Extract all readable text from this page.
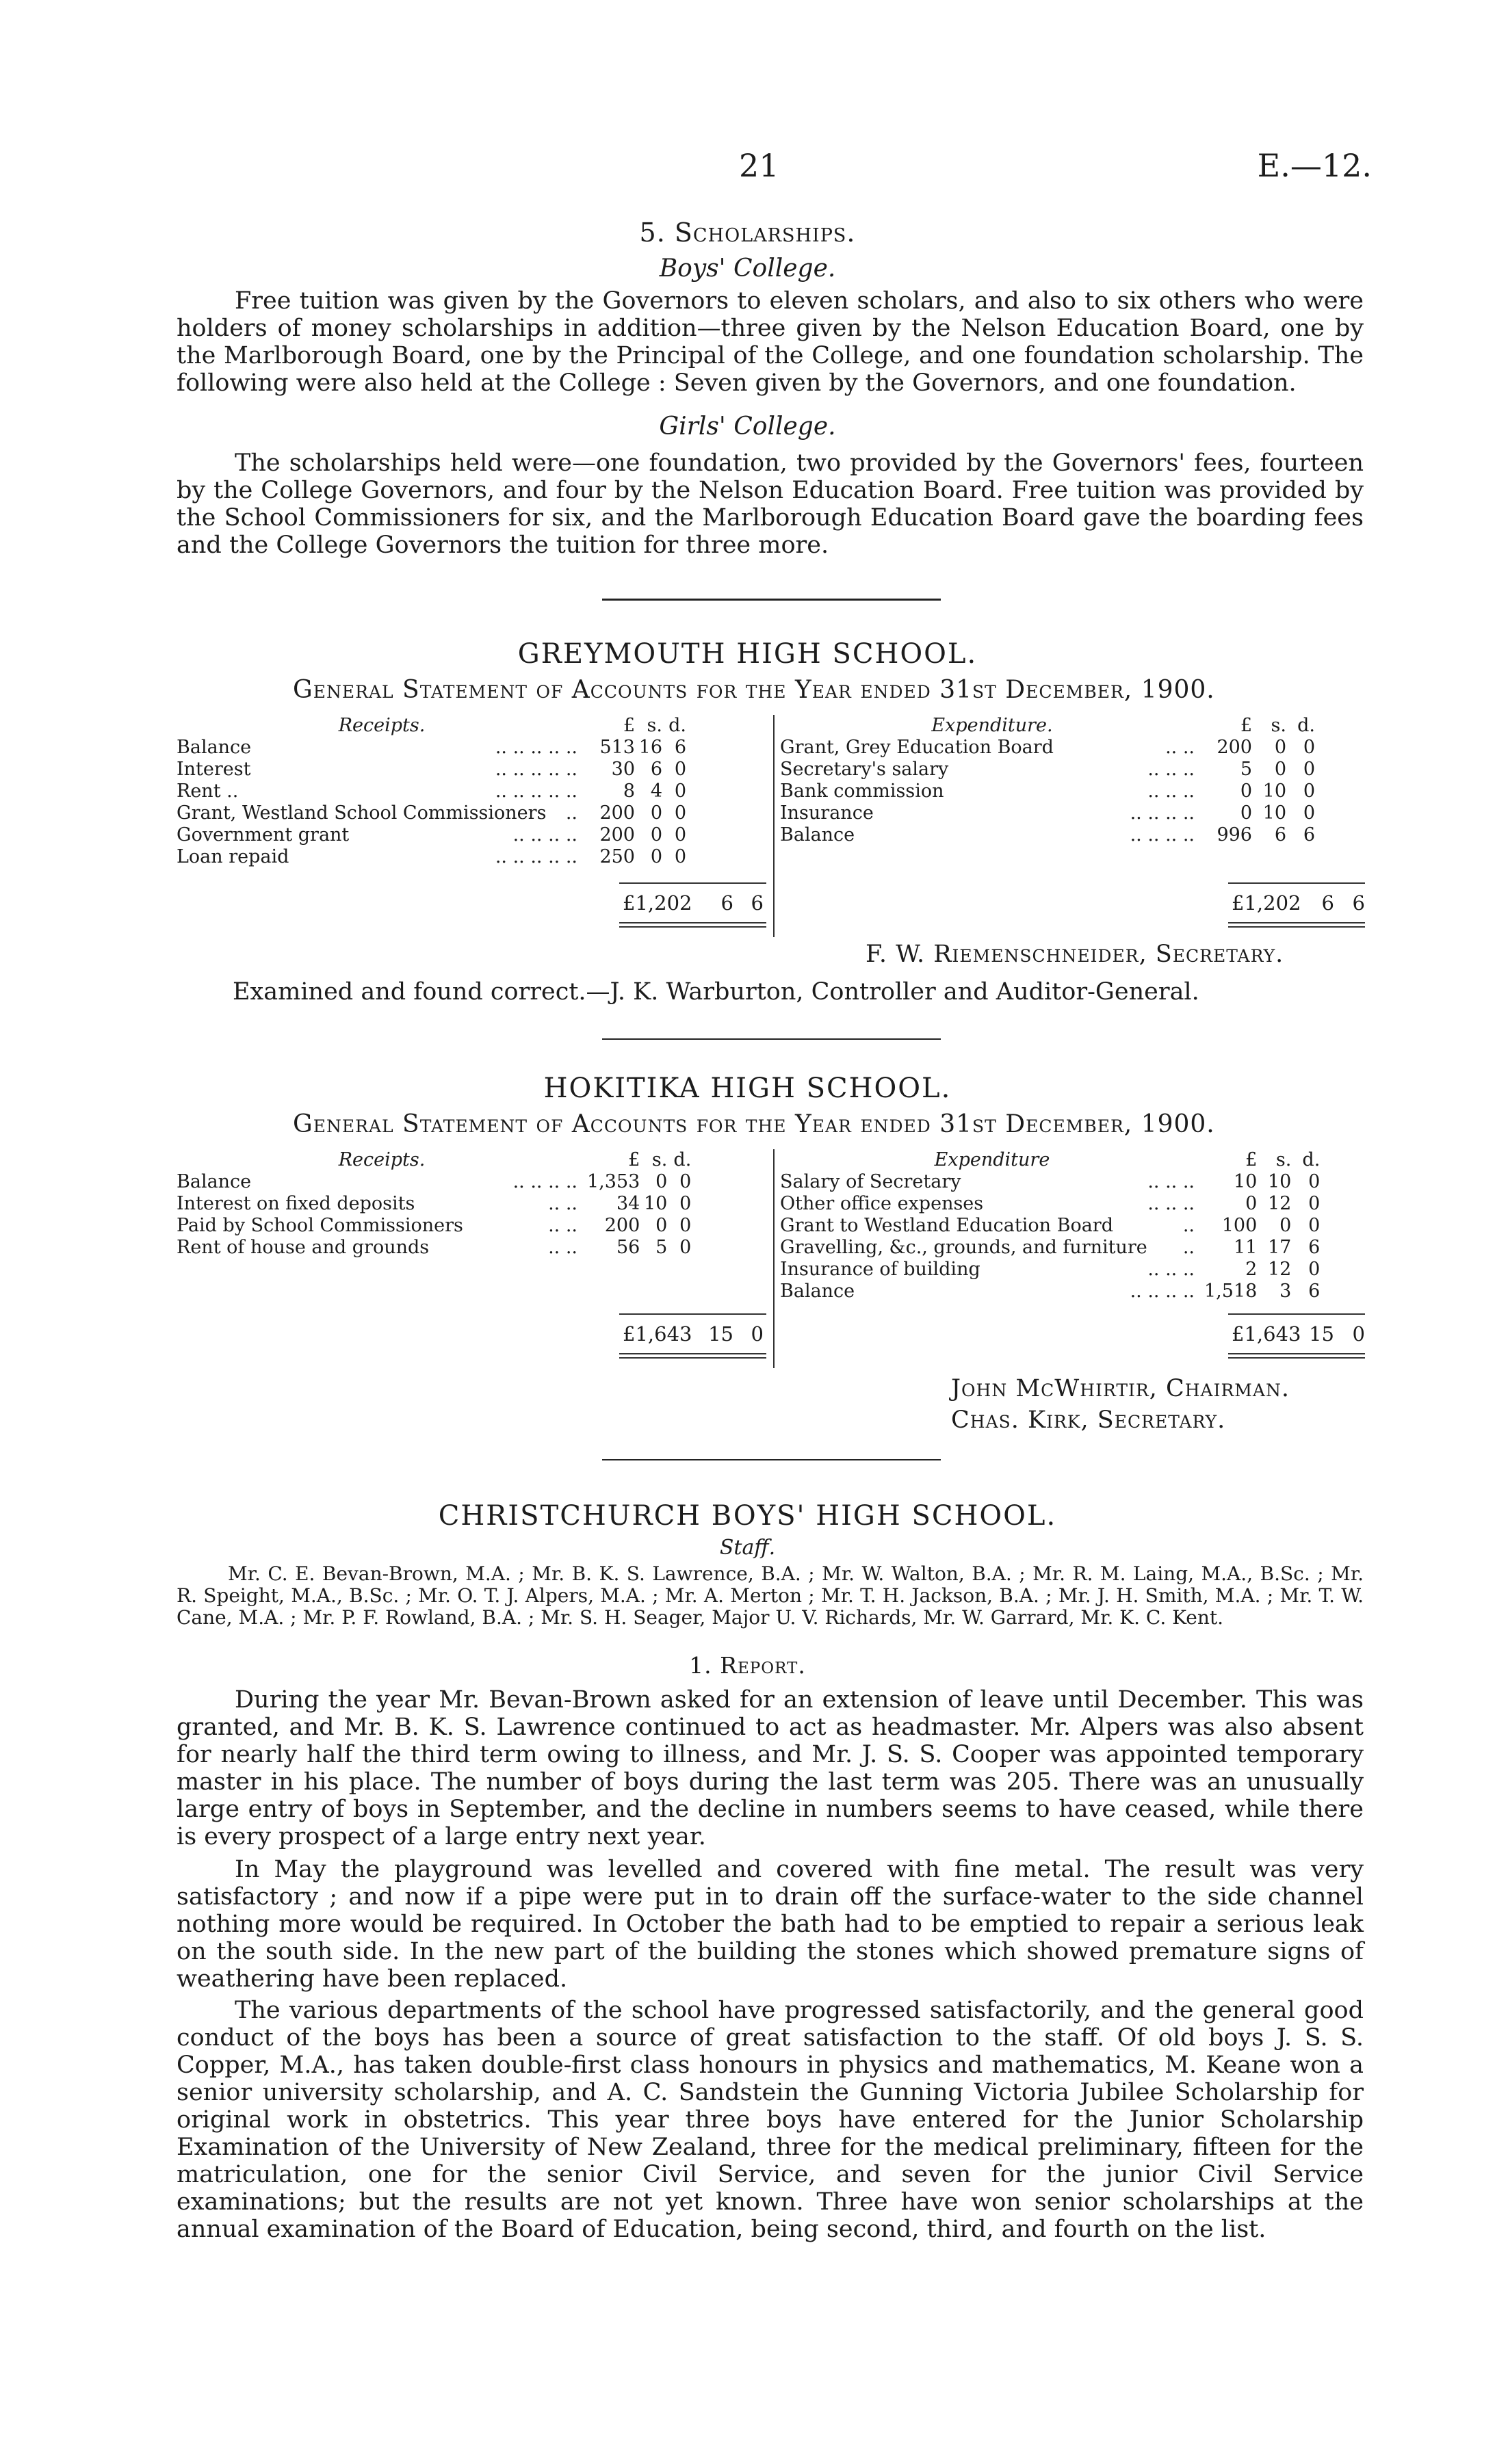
21	E.—12.
5. Scholarships.
Boys' College.
Free tuition was given by the Governors to eleven scholars, and also to six others who were holders of money scholarships in addition—three given by the Nelson Education Board, one by the Marlborough Board, one by the Principal of the College, and one foundation scholarship. The following were also held at the College : Seven given by the Governors, and one foundation.
Girls' College.
The scholarships held were—one foundation, two provided by the Governors' fees, fourteen by the College Governors, and four by the Nelson Education Board. Free tuition was provided by the School Commissioners for six, and the Marlborough Education Board gave the boarding fees and the College Governors the tuition for three more.
GREYMOUTH HIGH SCHOOL.
General Statement of Accounts for the Year ended 31st December, 1900.
Receipts.	£	s.	d.
Balance .. .. .. .. ..	513	16	6
Interest .. .. .. .. ..	30	6	0
Rent .. .. .. .. .. ..	8	4	0
Grant, Westland School Commissioners ..	200	0	0
Government grant .. .. .. ..	200	0	0
Loan repaid .. .. .. .. ..	250	0	0
Expenditure.	£	s.	d.
Grant, Grey Education Board .. ..	200	0	0
Secretary's salary .. .. ..	5	0	0
Bank commission .. .. ..	0	10	0
Insurance .. .. .. ..	0	10	0
Balance .. .. .. ..	996	6	6
£1,202 6 6	£1,202 6 6
F. W. Riemenschneider, Secretary.
Examined and found correct.—J. K. Warburton, Controller and Auditor-General.
HOKITIKA HIGH SCHOOL.
General Statement of Accounts for the Year ended 31st December, 1900.
Receipts.	£	s.	d.
Balance .. .. .. ..	1,353	0	0
Interest on fixed deposits .. ..	34	10	0
Paid by School Commissioners .. ..	200	0	0
Rent of house and grounds .. ..	56	5	0
Expenditure	£	s.	d.
Salary of Secretary .. .. ..	10	10	0
Other office expenses .. .. ..	0	12	0
Grant to Westland Education Board ..	100	0	0
Gravelling, &c., grounds, and furniture ..	11	17	6
Insurance of building .. .. ..	2	12	0
Balance .. .. .. ..	1,518	3	6
£1,643 15 0	£1,643 15 0
John McWhirtir, Chairman.
Chas. Kirk, Secretary.
CHRISTCHURCH BOYS' HIGH SCHOOL.
Staff.
Mr. C. E. Bevan-Brown, M.A. ; Mr. B. K. S. Lawrence, B.A. ; Mr. W. Walton, B.A. ; Mr. R. M. Laing, M.A., B.Sc. ; Mr. R. Speight, M.A., B.Sc. ; Mr. O. T. J. Alpers, M.A. ; Mr. A. Merton ; Mr. T. H. Jackson, B.A. ; Mr. J. H. Smith, M.A. ; Mr. T. W. Cane, M.A. ; Mr. P. F. Rowland, B.A. ; Mr. S. H. Seager, Major U. V. Richards, Mr. W. Garrard, Mr. K. C. Kent.
1. Report.
During the year Mr. Bevan-Brown asked for an extension of leave until December. This was granted, and Mr. B. K. S. Lawrence continued to act as headmaster. Mr. Alpers was also absent for nearly half the third term owing to illness, and Mr. J. S. S. Cooper was appointed temporary master in his place. The number of boys during the last term was 205. There was an unusually large entry of boys in September, and the decline in numbers seems to have ceased, while there is every prospect of a large entry next year.
In May the playground was levelled and covered with fine metal. The result was very satisfactory ; and now if a pipe were put in to drain off the surface-water to the side channel nothing more would be required. In October the bath had to be emptied to repair a serious leak on the south side. In the new part of the building the stones which showed premature signs of weathering have been replaced.
The various departments of the school have progressed satisfactorily, and the general good conduct of the boys has been a source of great satisfaction to the staff. Of old boys J. S. S. Copper, M.A., has taken double-first class honours in physics and mathematics, M. Keane won a senior university scholarship, and A. C. Sandstein the Gunning Victoria Jubilee Scholarship for original work in obstetrics. This year three boys have entered for the Junior Scholarship Examination of the University of New Zealand, three for the medical preliminary, fifteen for the matriculation, one for the senior Civil Service, and seven for the junior Civil Service examinations; but the results are not yet known. Three have won senior scholarships at the annual examination of the Board of Education, being second, third, and fourth on the list.
